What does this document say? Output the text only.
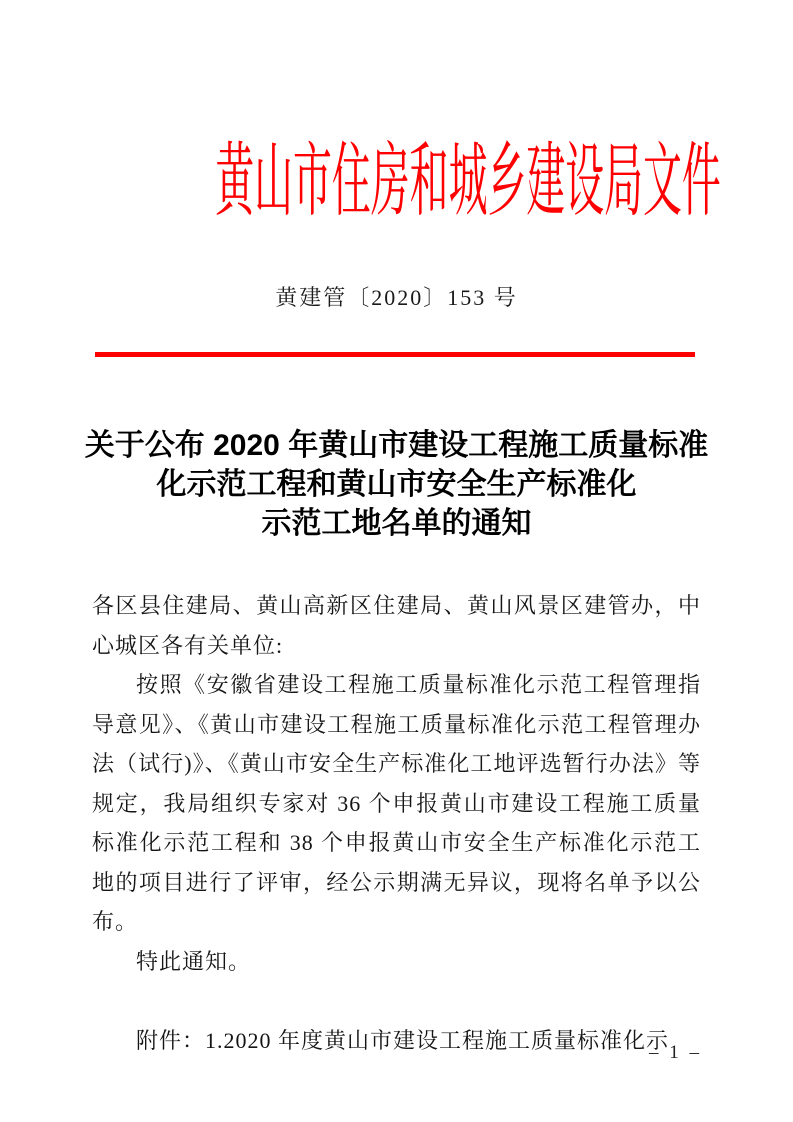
黄山市住房和城乡建设局文件
黄建管〔2020〕153 号
关于公布 2020 年黄山市建设工程施工质量标准
化示范工程和黄山市安全生产标准化
示范工地名单的通知

各区县住建局、黄山高新区住建局、黄山风景区建管办，中心城区各有关单位:

按照《安徽省建设工程施工质量标准化示范工程管理指导意见》、《黄山市建设工程施工质量标准化示范工程管理办法（试行)》、《黄山市安全生产标准化工地评选暂行办法》等规定，我局组织专家对 36 个申报黄山市建设工程施工质量标准化示范工程和 38 个申报黄山市安全生产标准化示范工地的项目进行了评审，经公示期满无异议，现将名单予以公布。

特此通知。

附件：1.2020 年度黄山市建设工程施工质量标准化示

– 1 –
